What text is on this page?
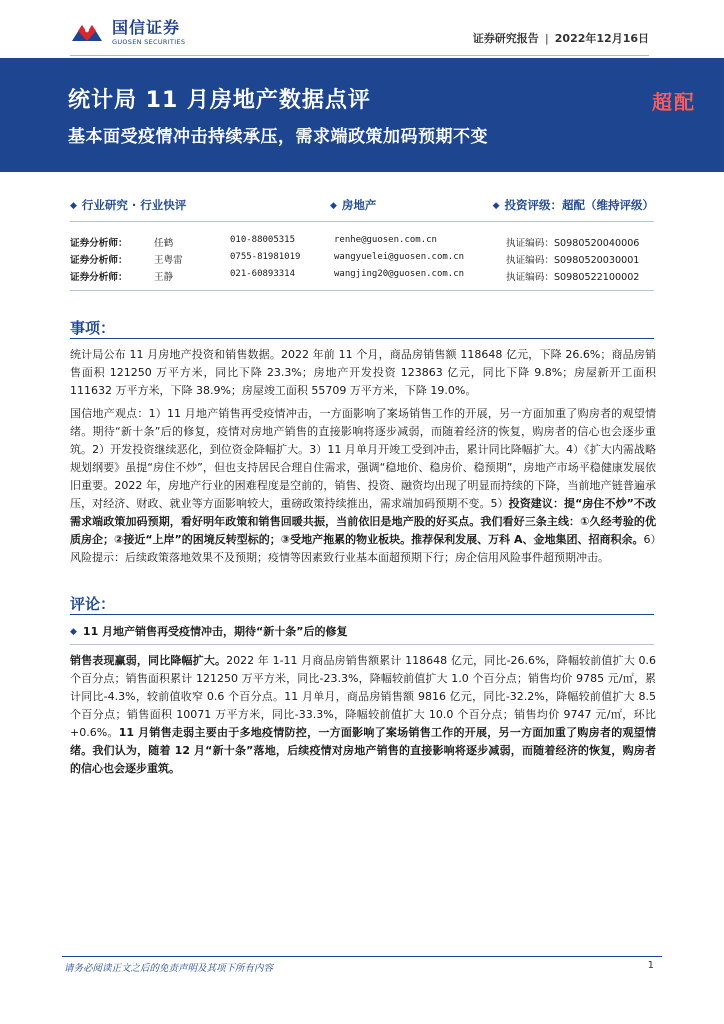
国信证券
GUOSEN SECURITIES	证券研究报告 | 2022年12月16日
统计局 11 月房地产数据点评
基本面受疫情冲击持续承压，需求端政策加码预期不变
超配
◆ 行业研究 · 行业快评	◆ 房地产	◆ 投资评级：超配（维持评级）
证券分析师：	任鹤	010-88005315	renhe@guosen.com.cn	执证编码：S0980520040006
证券分析师：	王粤雷	0755-81981019	wangyuelei@guosen.com.cn	执证编码：S0980520030001
证券分析师：	王静	021-60893314	wangjing20@guosen.com.cn	执证编码：S0980522100002
事项：
统计局公布 11 月房地产投资和销售数据。2022 年前 11 个月，商品房销售额 118648 亿元，下降 26.6%；商品房销售面积 121250 万平方米，同比下降 23.3%；房地产开发投资 123863 亿元，同比下降 9.8%；房屋新开工面积 111632 万平方米，下降 38.9%；房屋竣工面积 55709 万平方米，下降 19.0%。
国信地产观点：1）11 月地产销售再受疫情冲击，一方面影响了案场销售工作的开展，另一方面加重了购房者的观望情绪。期待“新十条”后的修复，疫情对房地产销售的直接影响将逐步减弱，而随着经济的恢复，购房者的信心也会逐步重筑。2）开发投资继续恶化，到位资金降幅扩大。3）11 月单月开竣工受到冲击，累计同比降幅扩大。4）《扩大内需战略规划纲要》虽提“房住不炒”，但也支持居民合理自住需求，强调“稳地价、稳房价、稳预期”，房地产市场平稳健康发展依旧重要。2022 年，房地产行业的困难程度是空前的，销售、投资、融资均出现了明显而持续的下降，当前地产链普遍承压，对经济、财政、就业等方面影响较大，重磅政策持续推出，需求端加码预期不变。5）投资建议：提“房住不炒”不改需求端政策加码预期，看好明年政策和销售回暖共振，当前依旧是地产股的好买点。我们看好三条主线：①久经考验的优质房企；②接近“上岸”的困境反转型标的；③受地产拖累的物业板块。推荐保利发展、万科 A、金地集团、招商积余。6）风险提示：后续政策落地效果不及预期；疫情等因素致行业基本面超预期下行；房企信用风险事件超预期冲击。
评论：
◆ 11 月地产销售再受疫情冲击，期待“新十条”后的修复
销售表现赢弱，同比降幅扩大。2022 年 1-11 月商品房销售额累计 118648 亿元，同比-26.6%，降幅较前值扩大 0.6 个百分点；销售面积累计 121250 万平方米，同比-23.3%，降幅较前值扩大 1.0 个百分点；销售均价 9785 元/㎡，累计同比-4.3%，较前值收窄 0.6 个百分点。11 月单月，商品房销售额 9816 亿元，同比-32.2%，降幅较前值扩大 8.5 个百分点；销售面积 10071 万平方米，同比-33.3%，降幅较前值扩大 10.0 个百分点；销售均价 9747 元/㎡，环比+0.6%。11 月销售走弱主要由于多地疫情防控，一方面影响了案场销售工作的开展，另一方面加重了购房者的观望情绪。我们认为，随着 12 月“新十条”落地，后续疫情对房地产销售的直接影响将逐步减弱，而随着经济的恢复，购房者的信心也会逐步重筑。
请务必阅读正文之后的免责声明及其项下所有内容	1
